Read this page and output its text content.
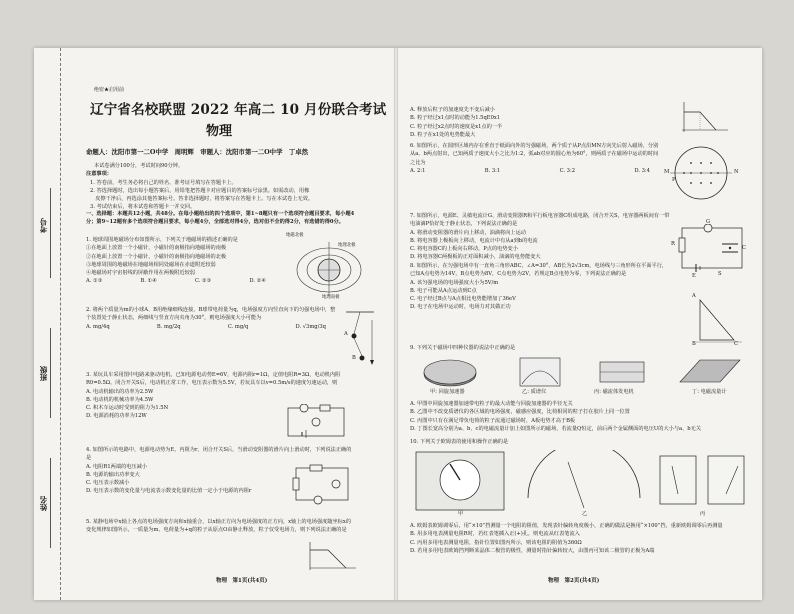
考号
班级
姓名
绝密★启用前
辽宁省名校联盟 2022 年高二 10 月份联合考试
物理
命题人：沈阳市第一二O中学　周明辉　审题人：沈阳市第一二O中学　丁卓然
本试卷满分100分，考试时间90分钟。
注意事项：
1. 答卷前，考生务必将自己的姓名、准考证号填写在答题卡上。
2. 答选择题时，选出每小题答案后，用铅笔把答题卡对应题目的答案标号涂黑。如需改动，用橡
　皮擦干净后，再选涂其他答案标号。答非选择题时，将答案写在答题卡上。写在本试卷上无效。
3. 考试结束后，将本试卷和答题卡一并交回。
一、选择题：本题共12小题，共48分。在每小题给出的四个选项中，第1~8题只有一个选项符合题目要求，每小题4分；第9~12题有多个选项符合题目要求，每小题4分，全部选对得4分，选对但不全的得2分，有选错的得0分。
1. 地球周围地磁场分布如图所示，下列关于地磁场的描述正确的是
①在地面上放置一个小磁针，小磁针的南极指向地磁场的南极
②在地面上放置一个小磁针，小磁针的南极指向地磁场的北极
③地球周围的地磁场在地磁场相同处磁场在赤道附近较弱
④地磁场对宇宙射线的屏蔽作用在两极附近较弱
A. ①③	B. ①④	C. ②③	D. ②④
地磁北极
地理北极
地理南极
2. 将两个质量为m的小球A、B用绝缘细线连接，B球带电荷量为q，电场强度方向竖直向下的匀强电场中，整个装置处于静止状态，两细线与竖直方向夹角为30°，则电场强度大小可能为
A. mg/4q	B. mg/2q	C. mg/q	D. √3mg/3q
A
B
3. 某玩具车采用图中电路来驱动电机，已知电源电动势E=6V，电源内阻r=1Ω，定值电阻R=3Ω，电动机内阻R0=0.5Ω。闭合开关S后，电动机正常工作，电压表示数为5.5V，若玩具车以v=0.5m/s的速度匀速运动，则
A. 电动机输出的功率为2.5W
B. 电动机的机械功率为4.5W
C. 积木车运动时受到的阻力为1.5N
D. 电源消耗的功率为12W
4. 如图所示的电路中，电源电动势为E，内阻为r，闭合开关S后，当滑动变阻器的滑片向上滑动时，下列说法正确的是
A. 电阻R1两端的电压减小
B. 电源的输出功率变大
C. 电压表示数减小
D. 电压表示数的变化量与电流表示数变化量的比值一定小于电源的内阻r
5. 某静电场中x轴上各点的电场强度方向和x轴重合，以x轴正方向为电场强度的正方向，x轴上的电场强度随坐标x的变化规律如图所示，一质量为m、电荷量为+q的粒子从原点O由静止释放，粒子仅受电场力，则下列说法正确的是
物理　第1页(共4页)
A. 释放后粒子的加速度先不变后减小
B. 粒子经过x1点时的动能为1.5qE0x1
C. 粒子经过x2点时的速度是x1点的一半
D. 粒子在x1处的电势能最大
6. 如图所示，在圆形区域内存在垂直于纸面向外的匀强磁场，两个质子从P点沿MN方向先后射入磁场，分别从a、b两点射出，已知两质子速度大小之比为1:2，弧ab对应的圆心角为60°，则两质子在磁场中运动的时间之比为
A. 2:1	B. 3:1	C. 3:2	D. 3:4	M	N
P
7. 如图所示，电源E、灵敏电流计G、滑动变阻器R和平行板电容器C组成电路，闭合开关S，电容器两板间有一带电油滴P恰好处于静止状态，下列说法正确的是
A. 将滑动变阻器的滑片向上移动，油滴将向上运动
B. 将电容器上极板向上移动，电流计中有从a到b的电流
C. 将电容器C的上板向右移动，P点的电势变小
D. 将电容器C两极板的正对面积减小，油滴的电势能变大
R
G
C
E	S
8. 如图所示，在匀强电场中有一直角三角形ABC，∠A=30°，AB长为2√3cm，电场线与三角形所在平面平行，已知A点电势为14V，B点电势为8V，C点电势为2V，若规定B点电势为零，下列说法正确的是
A. 该匀强电场的电场强度大小为5V/m
B. 电子可能从A点运动到C点
C. 电子经过B点与A点相比电势能增加了36eV
D. 电子在电场中运动时，电场力对其做正功
A
B	C
9. 下列关于磁场中四种仪器的说法中正确的是
甲: 回旋加速器	乙: 质谱仪	丙: 磁流体发电机	丁: 电磁流量计
A. 甲图中回旋加速器加速带电粒子的最大动能与回旋加速器的半径无关
B. 乙图中不改变质谱仪的各区域的电场强度，磁感应强度，比荷相同的粒子打在胶片上同一位置
C. 丙图中只有在满足带负电荷的粒子流通过磁场时，A板电势才高于B板
D. 丁图长宽高分别为a、b、c的电磁流量计加上如图所示的磁场，若流量Q恒定，前后两个金属侧面的电压U的大小与a、b无关
10. 下列关于欧姆表的使用和操作正确的是
甲	乙	丙
A. 欧姆表欧姆调零后，用“×10”挡测量一个电阻的阻值，发现表针偏转角度极小，正确的做法是换用“×100”挡，重新欧姆调零后再测量
B. 用多用电表测量电阻R时，若红表笔插入正(+)孔，则电流从红表笔流入
C. 丙用多用电表测量电阻，指针位置如图丙所示，则该电阻的阻值为360Ω
D. 若用多用电表欧姆挡判断某晶体二极管的极性，测量时指针偏转较大，由图丙可知该二极管的正极为A端
物理　第2页(共4页)
